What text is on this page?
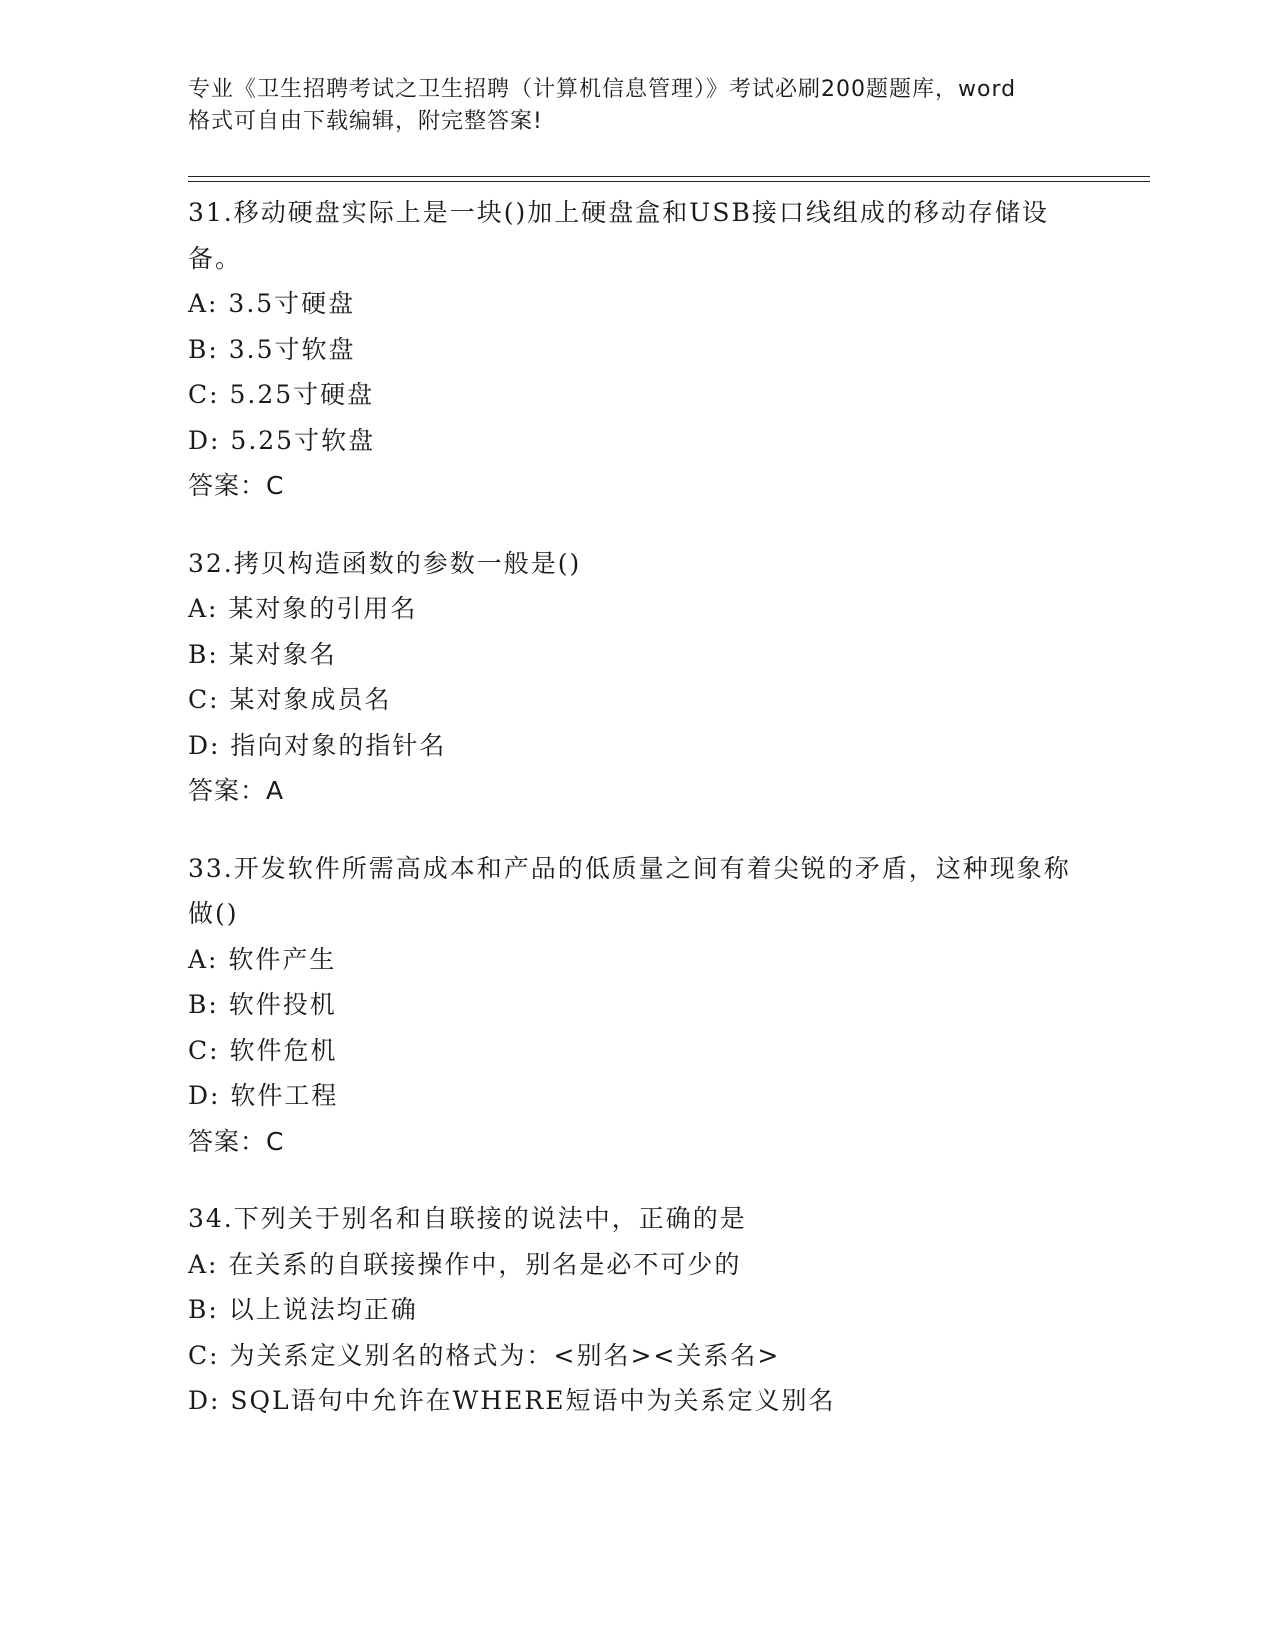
专业《卫生招聘考试之卫生招聘（计算机信息管理）》考试必刷200题题库，word
格式可自由下载编辑，附完整答案!
31.移动硬盘实际上是一块()加上硬盘盒和USB接口线组成的移动存储设备。
A: 3.5寸硬盘
B: 3.5寸软盘
C: 5.25寸硬盘
D: 5.25寸软盘
答案：C
32.拷贝构造函数的参数一般是()
A: 某对象的引用名
B: 某对象名
C: 某对象成员名
D: 指向对象的指针名
答案：A
33.开发软件所需高成本和产品的低质量之间有着尖锐的矛盾，这种现象称做()
A: 软件产生
B: 软件投机
C: 软件危机
D: 软件工程
答案：C
34.下列关于别名和自联接的说法中，正确的是
A: 在关系的自联接操作中，别名是必不可少的
B: 以上说法均正确
C: 为关系定义别名的格式为：<别名><关系名>
D: SQL语句中允许在WHERE短语中为关系定义别名
